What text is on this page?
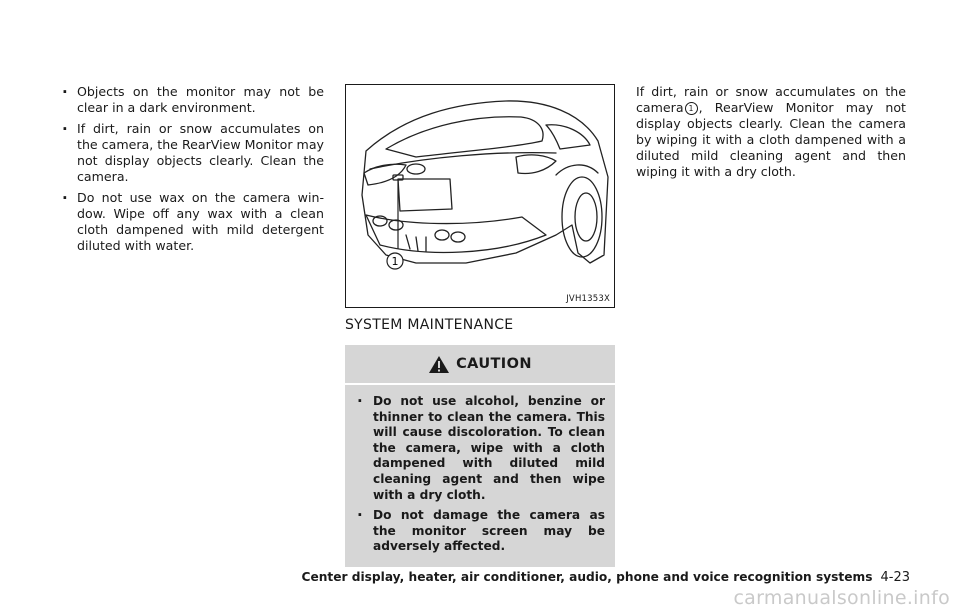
. Objects on the monitor may not be clear in a dark environment.
. If dirt, rain or snow accumulates on the camera, the RearView Monitor may not display objects clearly. Clean the camera.
. Do not use wax on the camera win-dow. Wipe off any wax with a clean cloth dampened with mild detergent diluted with water.
1
JVH1353X
SYSTEM MAINTENANCE
CAUTION
. Do not use alcohol, benzine or thinner to clean the camera. This will cause discoloration. To clean the camera, wipe with a cloth dampened with diluted mild cleaning agent and then wipe with a dry cloth.
. Do not damage the camera as the monitor screen may be adversely affected.

If dirt, rain or snow accumulates on the camera 1 , RearView Monitor may not display objects clearly. Clean the camera by wiping it with a cloth dampened with a diluted mild cleaning agent and then wiping it with a dry cloth.

Center display, heater, air conditioner, audio, phone and voice recognition systems 4-23
carmanualsonline.info
